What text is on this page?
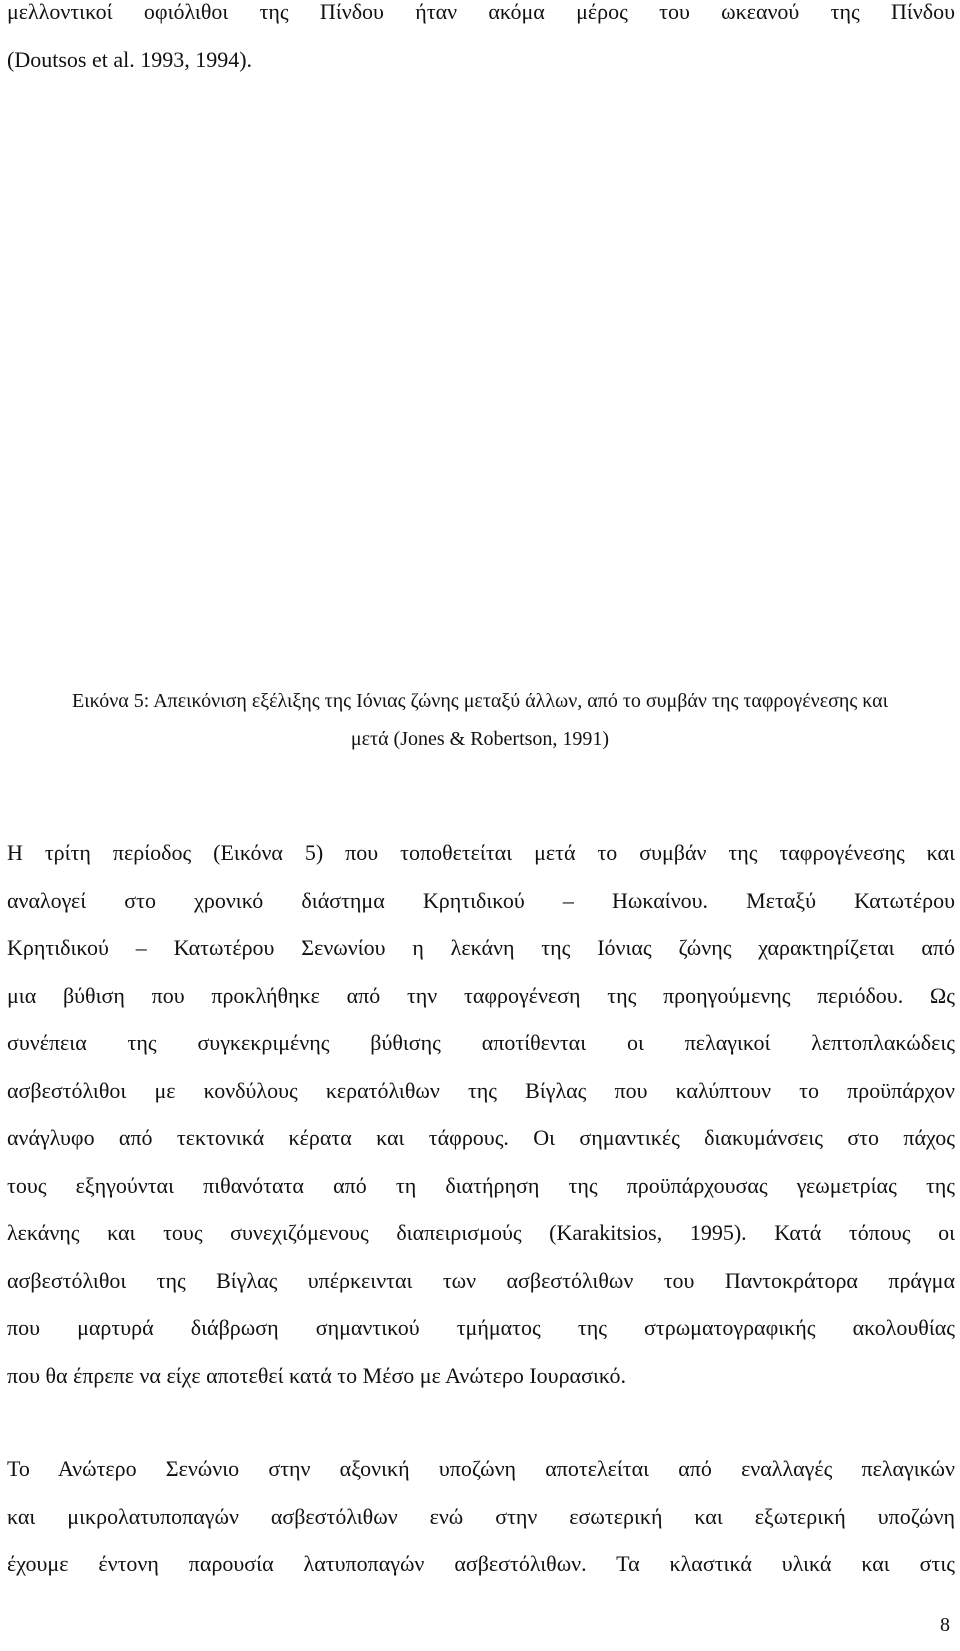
μελλοντικοί οφιόλιθοι της Πίνδου ήταν ακόμα μέρος του ωκεανού της Πίνδου
(Doutsos et al. 1993, 1994).
Εικόνα 5: Απεικόνιση εξέλιξης της Ιόνιας ζώνης μεταξύ άλλων, από το συμβάν της ταφρογένεσης και
μετά (Jones & Robertson, 1991)
Η τρίτη περίοδος (Εικόνα 5) που τοποθετείται μετά το συμβάν της ταφρογένεσης και
αναλογεί στο χρονικό διάστημα Κρητιδικού – Ηωκαίνου. Μεταξύ Κατωτέρου
Κρητιδικού – Κατωτέρου Σενωνίου η λεκάνη της Ιόνιας ζώνης χαρακτηρίζεται από
μια βύθιση που προκλήθηκε από την ταφρογένεση της προηγούμενης περιόδου. Ως
συνέπεια της συγκεκριμένης βύθισης αποτίθενται οι πελαγικοί λεπτοπλακώδεις
ασβεστόλιθοι με κονδύλους κερατόλιθων της Βίγλας που καλύπτουν το προϋπάρχον
ανάγλυφο από τεκτονικά κέρατα και τάφρους. Οι σημαντικές διακυμάνσεις στο πάχος
τους εξηγούνται πιθανότατα από τη διατήρηση της προϋπάρχουσας γεωμετρίας της
λεκάνης και τους συνεχιζόμενους διαπειρισμούς (Karakitsios, 1995). Κατά τόπους οι
ασβεστόλιθοι της Βίγλας υπέρκεινται των ασβεστόλιθων του Παντοκράτορα πράγμα
που μαρτυρά διάβρωση σημαντικού τμήματος της στρωματογραφικής ακολουθίας
που θα έπρεπε να είχε αποτεθεί κατά το Μέσο με Ανώτερο Ιουρασικό.
Το Ανώτερο Σενώνιο στην αξονική υποζώνη αποτελείται από εναλλαγές πελαγικών
και μικρολατυποπαγών ασβεστόλιθων ενώ στην εσωτερική και εξωτερική υποζώνη
έχουμε έντονη παρουσία λατυποπαγών ασβεστόλιθων. Τα κλαστικά υλικά και στις
8
